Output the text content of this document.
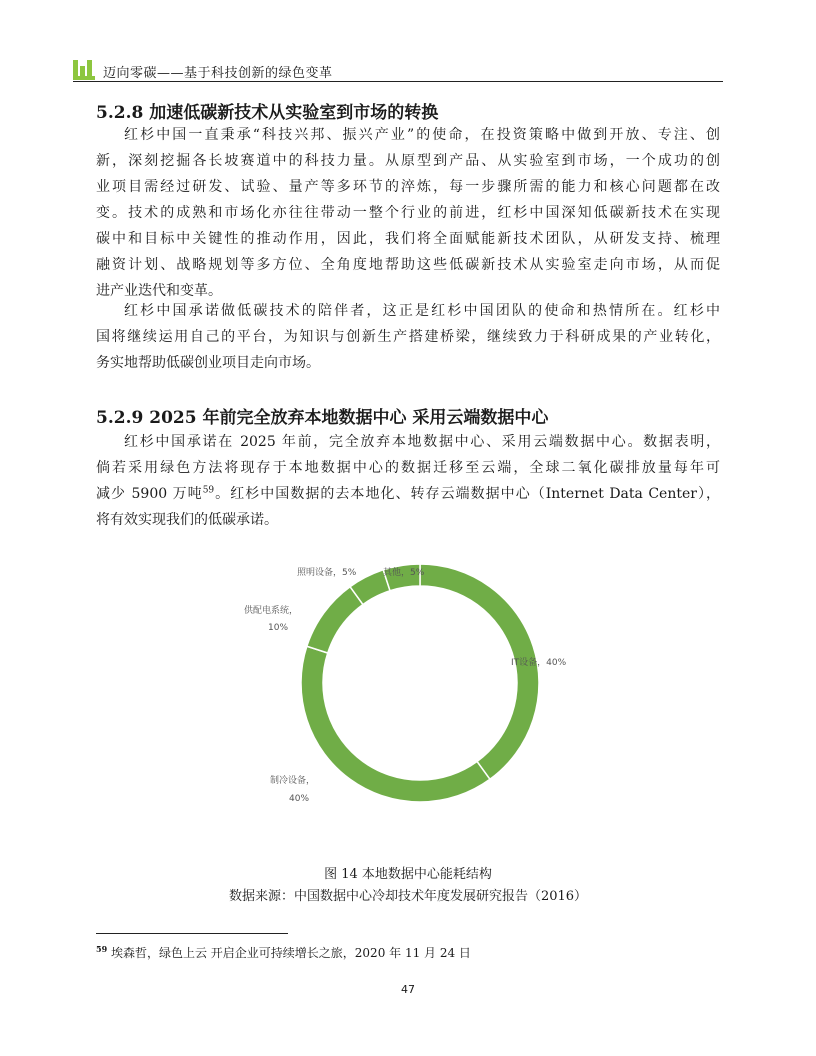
迈向零碳——基于科技创新的绿色变革
5.2.8 加速低碳新技术从实验室到市场的转换
红杉中国一直秉承“科技兴邦、振兴产业”的使命，在投资策略中做到开放、专注、创
新，深刻挖掘各长坡赛道中的科技力量。从原型到产品、从实验室到市场，一个成功的创
业项目需经过研发、试验、量产等多环节的淬炼，每一步骤所需的能力和核心问题都在改
变。技术的成熟和市场化亦往往带动一整个行业的前进，红杉中国深知低碳新技术在实现
碳中和目标中关键性的推动作用，因此，我们将全面赋能新技术团队，从研发支持、梳理
融资计划、战略规划等多方位、全角度地帮助这些低碳新技术从实验室走向市场，从而促
进产业迭代和变革。
红杉中国承诺做低碳技术的陪伴者，这正是红杉中国团队的使命和热情所在。红杉中
国将继续运用自己的平台，为知识与创新生产搭建桥梁，继续致力于科研成果的产业转化，
务实地帮助低碳创业项目走向市场。
5.2.9 2025 年前完全放弃本地数据中心 采用云端数据中心
红杉中国承诺在 2025 年前，完全放弃本地数据中心、采用云端数据中心。数据表明，
倘若采用绿色方法将现存于本地数据中心的数据迁移至云端，全球二氧化碳排放量每年可
减少 5900 万吨$^{59}$。红杉中国数据的去本地化、转存云端数据中心（Internet Data Center），
将有效实现我们的低碳承诺。
IT设备，40%
制冷设备，
40%
供配电系统，
10%
照明设备，5%	其他，5%
图 14 本地数据中心能耗结构
数据来源：中国数据中心冷却技术年度发展研究报告（2016）
$^{59}$ 埃森哲，绿色上云 开启企业可持续增长之旅，2020 年 11 月 24 日
47
